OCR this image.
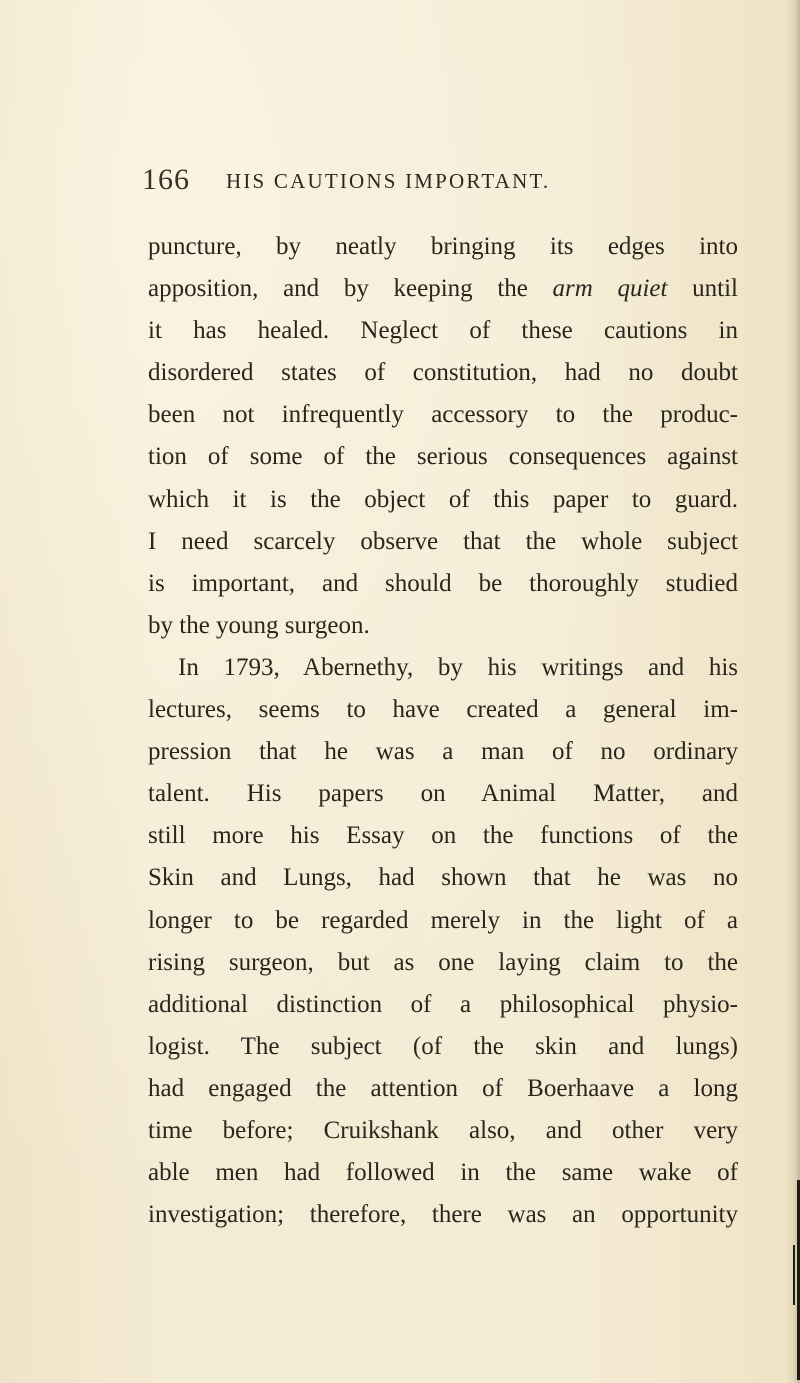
166 HIS CAUTIONS IMPORTANT.
puncture, by neatly bringing its edges into
apposition, and by keeping the arm quiet until
it has healed. Neglect of these cautions in
disordered states of constitution, had no doubt
been not infrequently accessory to the produc-
tion of some of the serious consequences against
which it is the object of this paper to guard.
I need scarcely observe that the whole subject
is important, and should be thoroughly studied
by the young surgeon.
In 1793, Abernethy, by his writings and his
lectures, seems to have created a general im-
pression that he was a man of no ordinary
talent. His papers on Animal Matter, and
still more his Essay on the functions of the
Skin and Lungs, had shown that he was no
longer to be regarded merely in the light of a
rising surgeon, but as one laying claim to the
additional distinction of a philosophical physio-
logist. The subject (of the skin and lungs)
had engaged the attention of Boerhaave a long
time before; Cruikshank also, and other very
able men had followed in the same wake of
investigation; therefore, there was an opportunity
